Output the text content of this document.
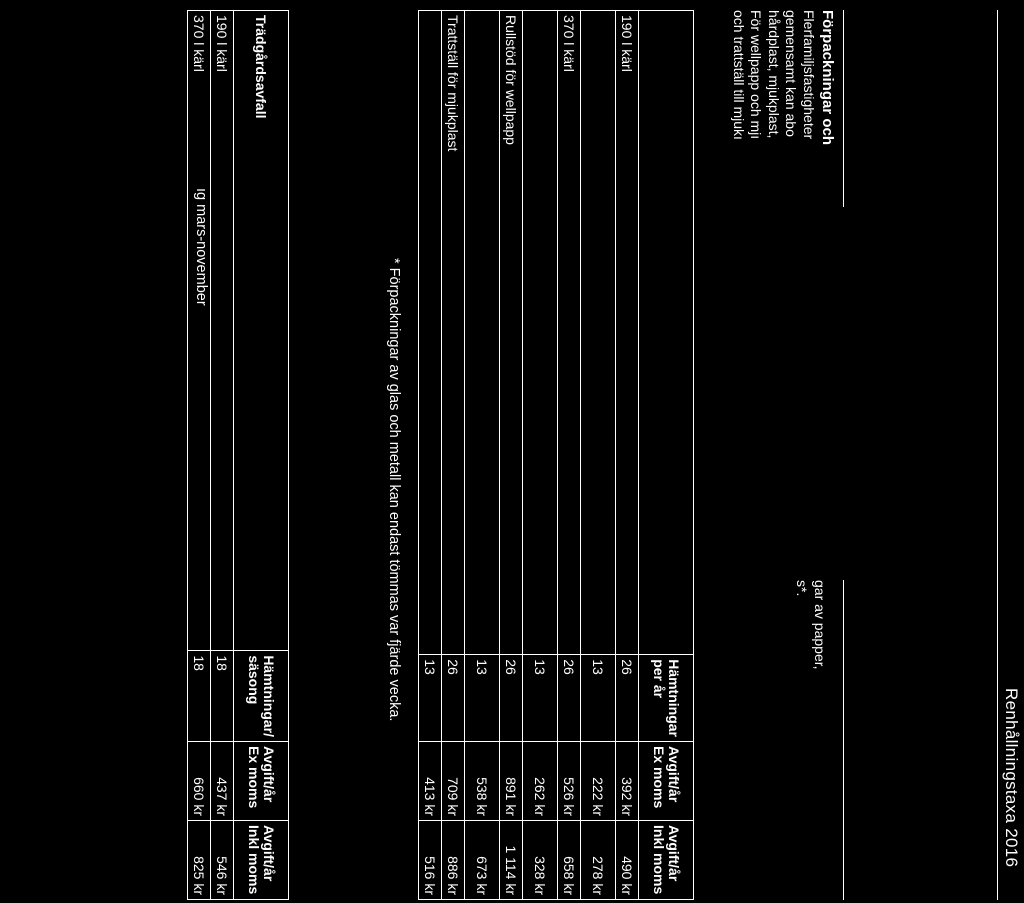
Renhållningstaxa 2016
Förpackningar och

Flerfamiljsfastigheter

gemensamt kan abo

hårdplast, mjukplast,

För wellpapp och mjı

och trattställ till mjukı

gar av papper,
s*.
	Hämtningar per år	Avgift/år Ex moms	Avgift/år Inkl moms
190 l kärl	26	392 kr	490 kr
	13	222 kr	278 kr
370 l kärl	26	526 kr	658 kr
	13	262 kr	328 kr
Rullstöd för wellpapp	26	891 kr	1 114 kr
	13	538 kr	673 kr
Trattställ för mjukplast	26	709 kr	886 kr
	13	413 kr	516 kr
* Förpackningar av glas och metall kan endast tömmas var fjärde vecka.
ıg mars-november
Trädgårdsavfall	Hämtningar/ säsong	Avgift/år Ex moms	Avgift/år Inkl moms
190 l kärl	18	437 kr	546 kr
370 l kärl	18	660 kr	825 kr
